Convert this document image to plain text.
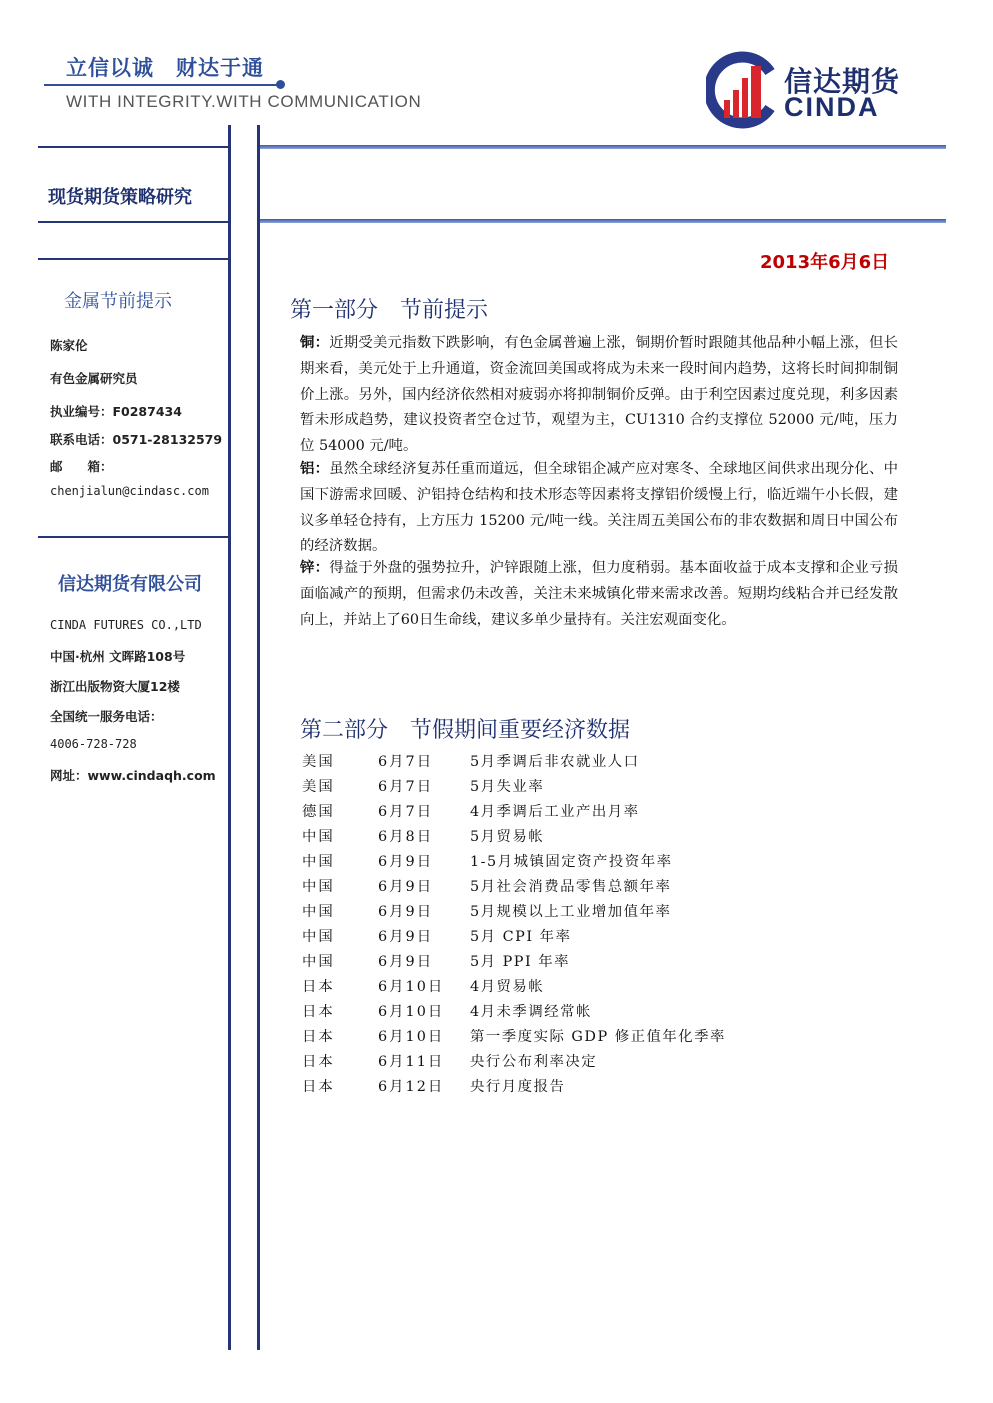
立信以诚　财达于通
WITH INTEGRITY.WITH COMMUNICATION
信达期货
CINDA
现货期货策略研究
金属节前提示
陈家伦
有色金属研究员
执业编号：F0287434
联系电话：0571-28132579
邮　　箱：
chenjialun@cindasc.com
信达期货有限公司
CINDA FUTURES CO.,LTD
中国·杭州 文晖路108号
浙江出版物资大厦12楼
全国统一服务电话：
4006-728-728
网址：www.cindaqh.com
2013年6月6日
第一部分　节前提示
铜：近期受美元指数下跌影响，有色金属普遍上涨，铜期价暂时跟随其他品种小幅上涨，但长期来看，美元处于上升通道，资金流回美国或将成为未来一段时间内趋势，这将长时间抑制铜价上涨。另外，国内经济依然相对疲弱亦将抑制铜价反弹。由于利空因素过度兑现，利多因素暂未形成趋势，建议投资者空仓过节，观望为主，CU1310 合约支撑位 52000 元/吨，压力位 54000 元/吨。
铝：虽然全球经济复苏任重而道远，但全球铝企减产应对寒冬、全球地区间供求出现分化、中国下游需求回暖、沪铝持仓结构和技术形态等因素将支撑铝价缓慢上行，临近端午小长假，建议多单轻仓持有，上方压力 15200 元/吨一线。关注周五美国公布的非农数据和周日中国公布的经济数据。
锌：得益于外盘的强势拉升，沪锌跟随上涨，但力度稍弱。基本面收益于成本支撑和企业亏损面临减产的预期，但需求仍未改善，关注未来城镇化带来需求改善。短期均线粘合并已经发散向上，并站上了60日生命线，建议多单少量持有。关注宏观面变化。
第二部分　节假期间重要经济数据
美国	6月7日	5月季调后非农就业人口
美国	6月7日	5月失业率
德国	6月7日	4月季调后工业产出月率
中国	6月8日	5月贸易帐
中国	6月9日	1-5月城镇固定资产投资年率
中国	6月9日	5月社会消费品零售总额年率
中国	6月9日	5月规模以上工业增加值年率
中国	6月9日	5月 CPI 年率
中国	6月9日	5月 PPI 年率
日本	6月10日 4月贸易帐
日本	6月10日 4月未季调经常帐
日本	6月10日 第一季度实际 GDP 修正值年化季率
日本	6月11日 央行公布利率决定
日本	6月12日 央行月度报告
